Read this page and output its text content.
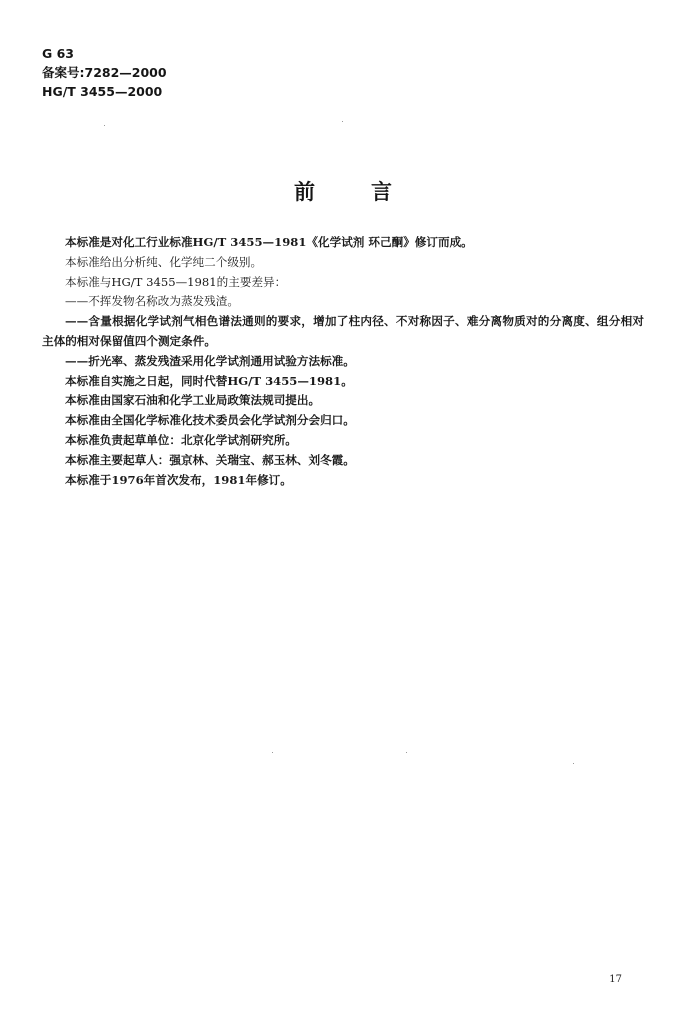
G 63
备案号:7282—2000
HG/T 3455—2000
前言

本标准是对化工行业标准HG/T 3455—1981《化学试剂 环己酮》修订而成。

本标准给出分析纯、化学纯二个级别。

本标准与HG/T 3455—1981的主要差异：

——不挥发物名称改为蒸发残渣。

——含量根据化学试剂气相色谱法通则的要求，增加了柱内径、不对称因子、难分离物质对的分离度、组分相对主体的相对保留值四个测定条件。

——折光率、蒸发残渣采用化学试剂通用试验方法标准。

本标准自实施之日起，同时代替HG/T 3455—1981。

本标准由国家石油和化学工业局政策法规司提出。

本标准由全国化学标准化技术委员会化学试剂分会归口。

本标准负责起草单位：北京化学试剂研究所。

本标准主要起草人：强京林、关瑞宝、郝玉林、刘冬霞。

本标准于1976年首次发布，1981年修订。

17
